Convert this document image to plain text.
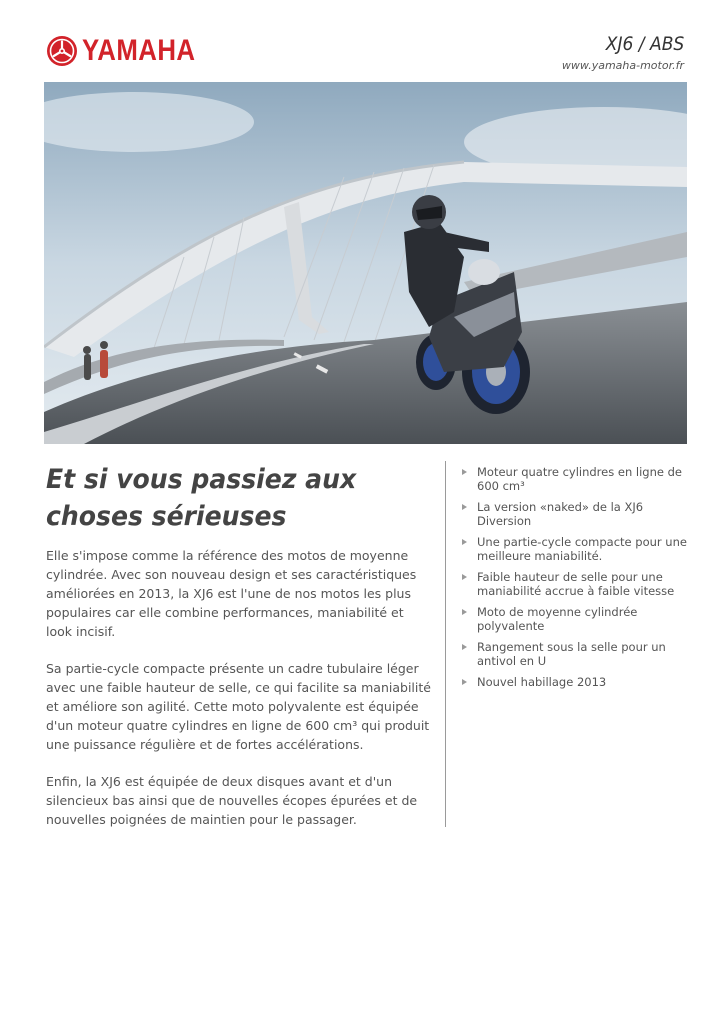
YAMAHA	XJ6 / ABS
www.yamaha-motor.fr
Et si vous passiez aux
choses sérieuses

Elle s'impose comme la référence des motos de moyenne cylindrée. Avec son nouveau design et ses caractéristiques améliorées en 2013, la XJ6 est l'une de nos motos les plus populaires car elle combine performances, maniabilité et look incisif.

Sa partie-cycle compacte présente un cadre tubulaire léger avec une faible hauteur de selle, ce qui facilite sa maniabilité et améliore son agilité. Cette moto polyvalente est équipée d'un moteur quatre cylindres en ligne de 600 cm³ qui produit une puissance régulière et de fortes accélérations.

Enfin, la XJ6 est équipée de deux disques avant et d'un silencieux bas ainsi que de nouvelles écopes épurées et de nouvelles poignées de maintien pour le passager.

Moteur quatre cylindres en ligne de 600 cm³
La version «naked» de la XJ6 Diversion
Une partie-cycle compacte pour une meilleure maniabilité.
Faible hauteur de selle pour une maniabilité accrue à faible vitesse
Moto de moyenne cylindrée polyvalente
Rangement sous la selle pour un antivol en U
Nouvel habillage 2013
